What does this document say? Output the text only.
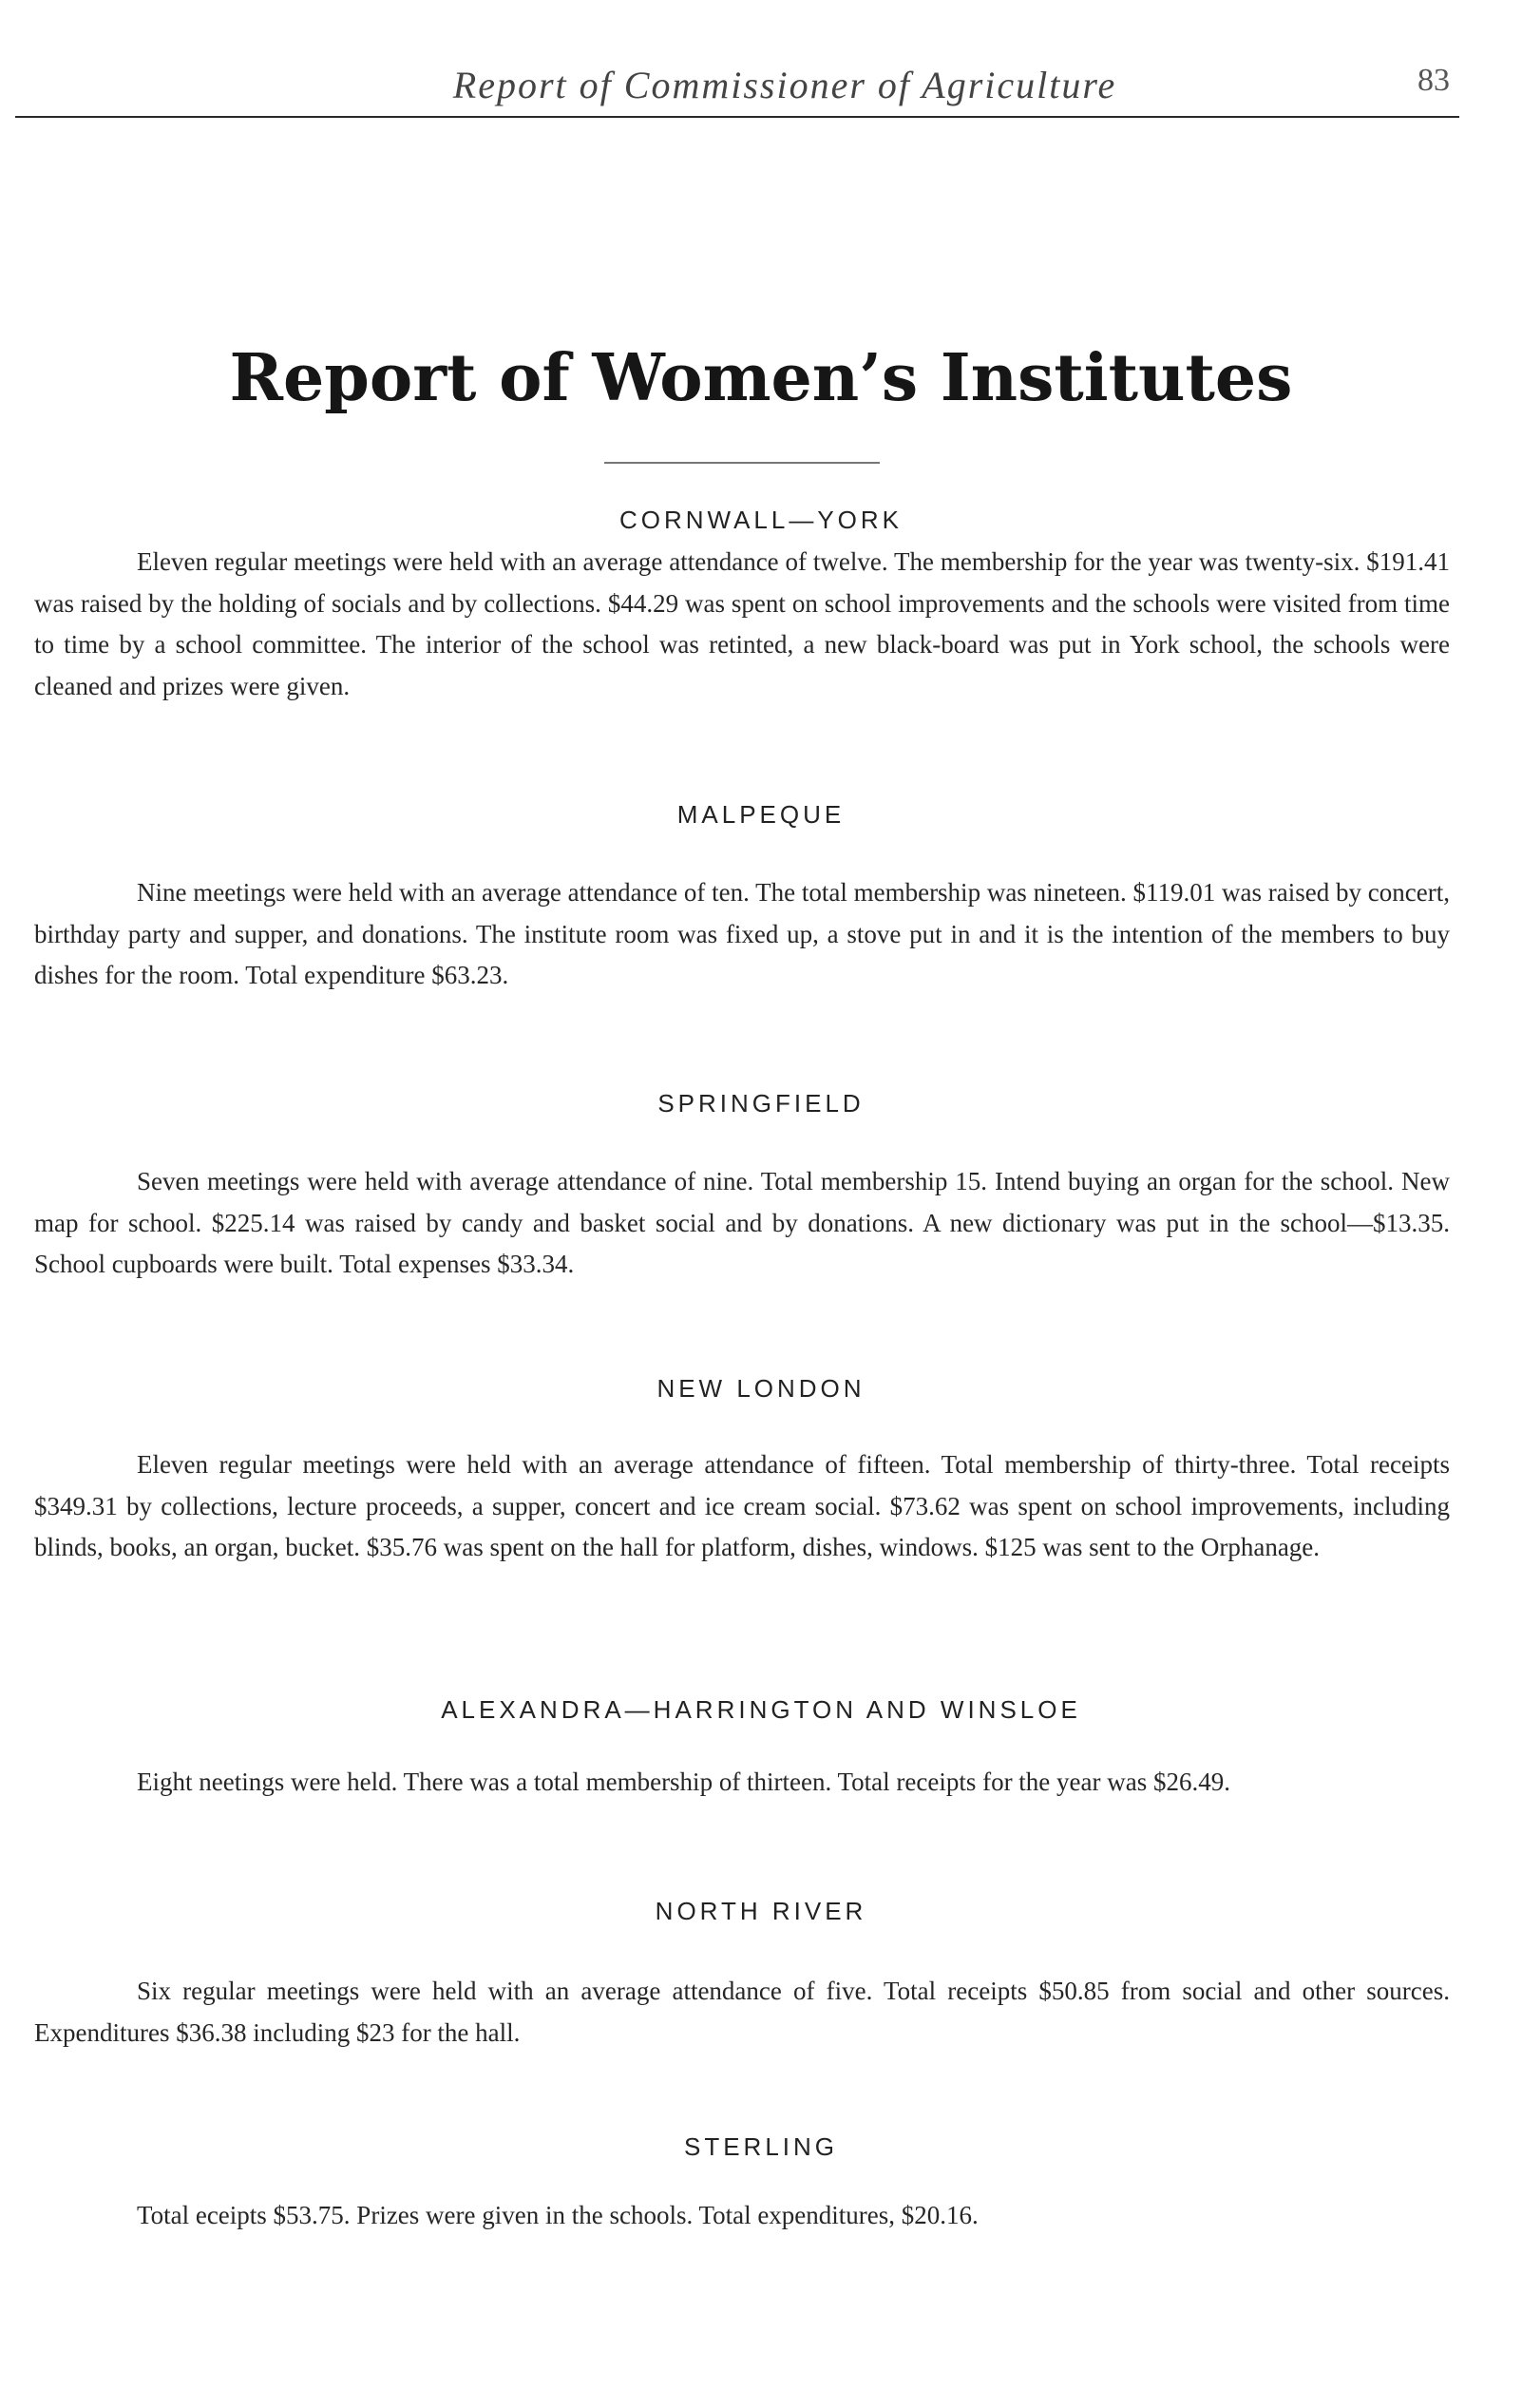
Report of Commissioner of Agriculture	83
Report of Women’s Institutes
CORNWALL—YORK

Eleven regular meetings were held with an average attendance of twelve. The membership for the year was twenty-six. $191.41 was raised by the holding of socials and by collections. $44.29 was spent on school improvements and the schools were visited from time to time by a school committee. The interior of the school was retinted, a new black-board was put in York school, the schools were cleaned and prizes were given.

MALPEQUE

Nine meetings were held with an average attendance of ten. The total membership was nineteen. $119.01 was raised by concert, birthday party and supper, and donations. The institute room was fixed up, a stove put in and it is the intention of the members to buy dishes for the room. Total expenditure $63.23.

SPRINGFIELD

Seven meetings were held with average attendance of nine. Total membership 15. Intend buying an organ for the school. New map for school. $225.14 was raised by candy and basket social and by donations. A new dictionary was put in the school—$13.35. School cupboards were built. Total expenses $33.34.

NEW LONDON

Eleven regular meetings were held with an average attendance of fifteen. Total membership of thirty-three. Total receipts $349.31 by collections, lecture proceeds, a supper, concert and ice cream social. $73.62 was spent on school improvements, including blinds, books, an organ, bucket. $35.76 was spent on the hall for platform, dishes, windows. $125 was sent to the Orphanage.

ALEXANDRA—HARRINGTON AND WINSLOE

Eight neetings were held. There was a total membership of thirteen. Total receipts for the year was $26.49.

NORTH RIVER

Six regular meetings were held with an average attendance of five. Total receipts $50.85 from social and other sources. Expenditures $36.38 including $23 for the hall.

STERLING

Total eceipts $53.75. Prizes were given in the schools. Total expenditures, $20.16.
